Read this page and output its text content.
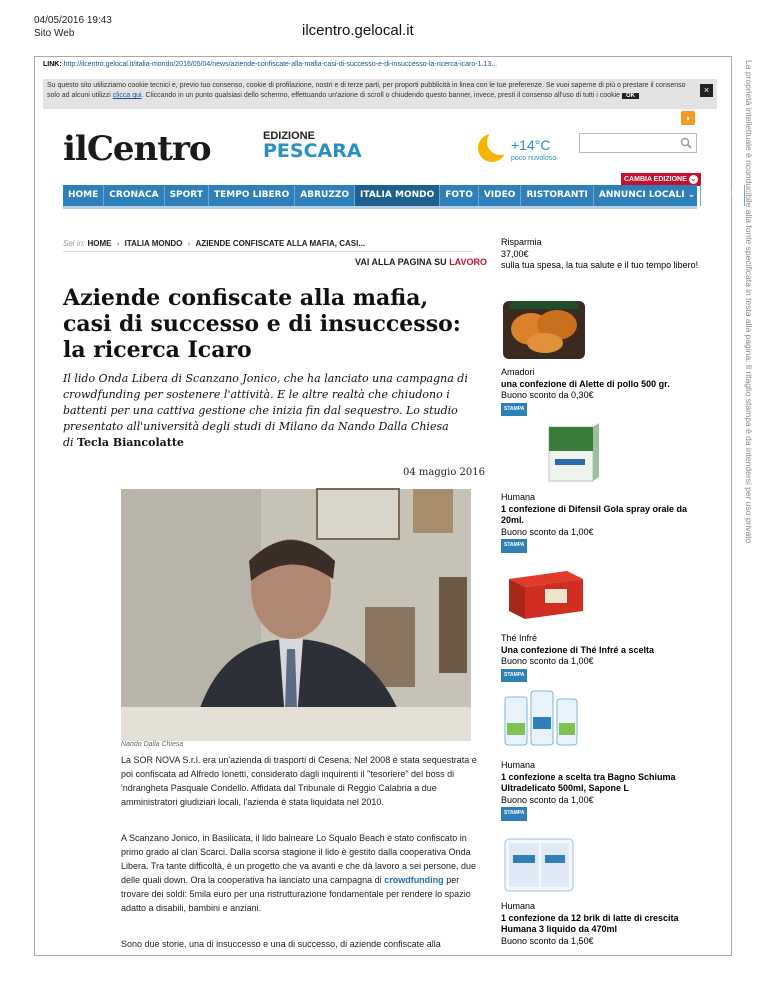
04/05/2016 19:43
Sito Web	ilcentro.gelocal.it
La proprietà intellettuale è riconducibile alla fonte specificata in testa alla pagina. Il ritaglio stampa è da intendersi per uso privato
LINK: http://ilcentro.gelocal.it/italia-mondo/2016/05/04/news/aziende-confiscate-alla-mafia-casi-di-successo-e-di-insuccesso-la-ricerca-icaro-1.13...
Su questo sito utilizziamo cookie tecnici e, previo tuo consenso, cookie di profilazione, nostri e di terze parti, per proporti pubblicità in linea con le tue preferenze. Se vuoi saperne di più o prestare il consenso solo ad alcuni utilizzi clicca qui. Cliccando in un punto qualsiasi dello schermo, effettuando un'azione di scroll o chiudendo questo banner, invece, presti il consenso all'uso di tutti i cookie OK
×
◗
ilCentro	EDIZIONE
PESCARA	+14°C
poco nuvoloso
CAMBIA EDIZIONE ⌄
HOME	CRONACA	SPORT	TEMPO LIBERO	ABRUZZO	ITALIA MONDO	FOTO	VIDEO	RISTORANTI	ANNUNCI LOCALI ⌄	PRIMA
Sei in: HOME › ITALIA MONDO › AZIENDE CONFISCATE ALLA MAFIA, CASI...
VAI ALLA PAGINA SU LAVORO
Aziende confiscate alla mafia, casi di successo e di insuccesso: la ricerca Icaro
Il lido Onda Libera di Scanzano Jonico, che ha lanciato una campagna di crowdfunding per sostenere l'attività. E le altre realtà che chiudono i battenti per una cattiva gestione che inizia fin dal sequestro. Lo studio presentato all'università degli studi di Milano da Nando Dalla Chiesa
di Tecla Biancolatte
04 maggio 2016
Nando Dalla Chiesa

La SOR NOVA S.r.l. era un'azienda di trasporti di Cesena. Nel 2008 è stata sequestrata e poi confiscata ad Alfredo Ionetti, considerato dagli inquirenti il "tesoriere" del boss di 'ndrangheta Pasquale Condello. Affidata dal Tribunale di Reggio Calabria a due amministratori giudiziari locali, l'azienda è stata liquidata nel 2010.

A Scanzano Jonico, in Basilicata, il lido balneare Lo Squalo Beach è stato confiscato in primo grado al clan Scarci. Dalla scorsa stagione il lido è gestito dalla cooperativa Onda Libera. Tra tante difficoltà, è un progetto che va avanti e che dà lavoro a sei persone, due delle quali down. Ora la cooperativa ha lanciato una campagna di crowdfunding per trovare dei soldi: 5mila euro per una ristrutturazione fondamentale per rendere lo spazio adatto a disabili, bambini e anziani.

Sono due storie, una di insuccesso e una di successo, di aziende confiscate alla

Risparmia
37,00€
sulla tua spesa, la tua salute e il tuo tempo libero!
Amadori
una confezione di Alette di pollo 500 gr.
Buono sconto da 0,30€
STAMPA
Humana
1 confezione di Difensil Gola spray orale da 20ml.
Buono sconto da 1,00€
STAMPA
Thé Infré
Una confezione di Thé Infré a scelta
Buono sconto da 1,00€
STAMPA
Humana
1 confezione a scelta tra Bagno Schiuma Ultradelicato 500ml, Sapone L
Buono sconto da 1,00€
STAMPA
Humana
1 confezione da 12 brik di latte di crescita Humana 3 liquido da 470ml
Buono sconto da 1,50€
